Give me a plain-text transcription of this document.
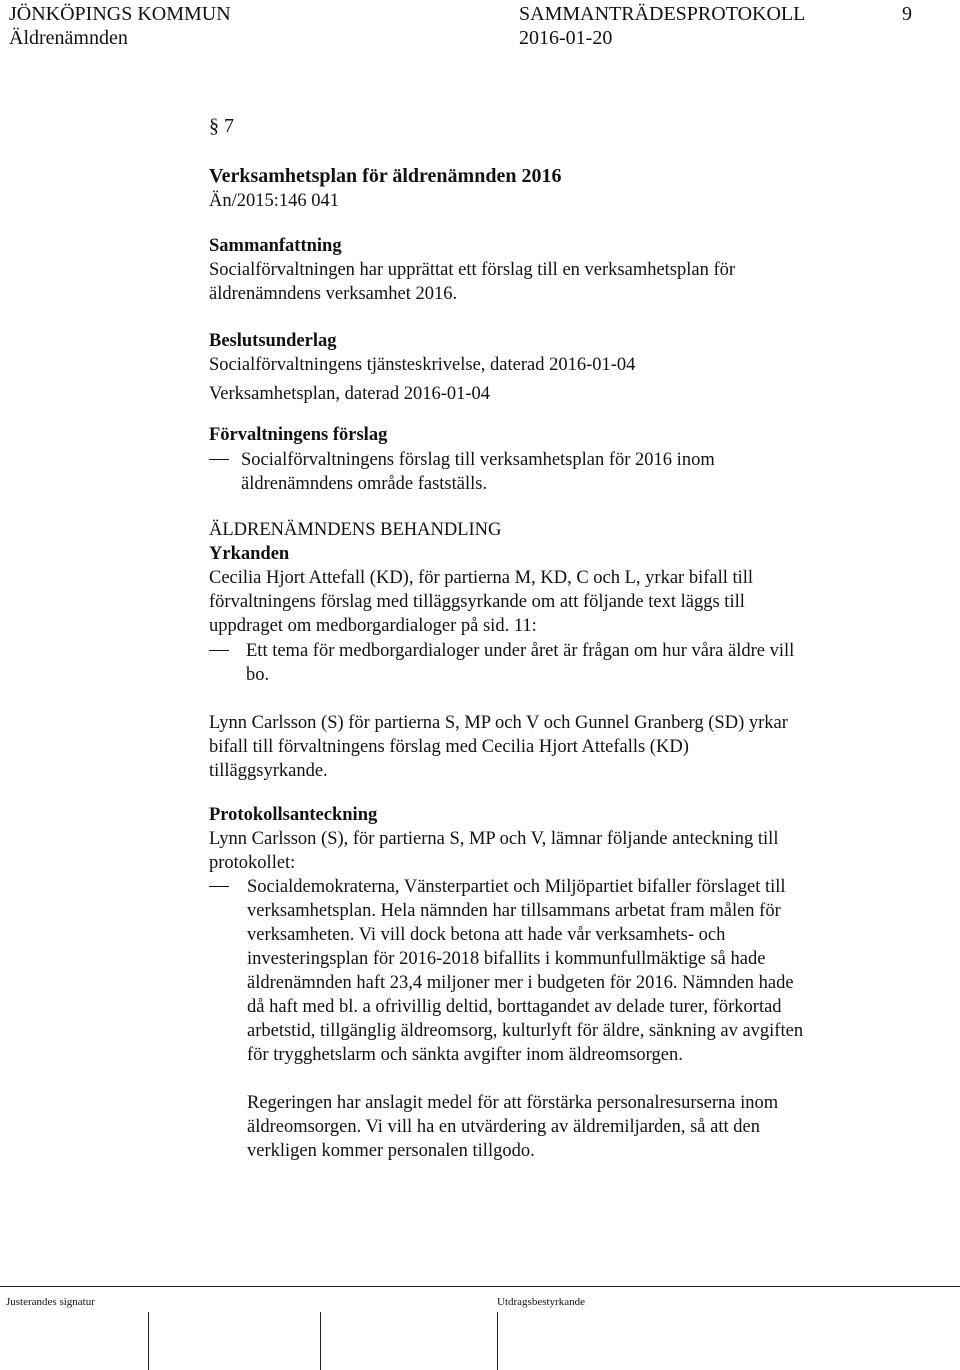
JÖNKÖPINGS KOMMUN	SAMMANTRÄDESPROTOKOLL	9
Äldrenämnden	2016-01-20
§ 7
Verksamhetsplan för äldrenämnden 2016
Än/2015:146 041
Sammanfattning
Socialförvaltningen har upprättat ett förslag till en verksamhetsplan för
äldrenämndens verksamhet 2016.
Beslutsunderlag
Socialförvaltningens tjänsteskrivelse, daterad 2016-01-04
Verksamhetsplan, daterad 2016-01-04
Förvaltningens förslag
Socialförvaltningens förslag till verksamhetsplan för 2016 inom
äldrenämndens område fastställs.
ÄLDRENÄMNDENS BEHANDLING
Yrkanden
Cecilia Hjort Attefall (KD), för partierna M, KD, C och L, yrkar bifall till
förvaltningens förslag med tilläggsyrkande om att följande text läggs till
uppdraget om medborgardialoger på sid. 11:
Ett tema för medborgardialoger under året är frågan om hur våra äldre vill
bo.
Lynn Carlsson (S) för partierna S, MP och V och Gunnel Granberg (SD) yrkar
bifall till förvaltningens förslag med Cecilia Hjort Attefalls (KD)
tilläggsyrkande.
Protokollsanteckning
Lynn Carlsson (S), för partierna S, MP och V, lämnar följande anteckning till
protokollet:
Socialdemokraterna, Vänsterpartiet och Miljöpartiet bifaller förslaget till
verksamhetsplan. Hela nämnden har tillsammans arbetat fram målen för
verksamheten. Vi vill dock betona att hade vår verksamhets- och
investeringsplan för 2016-2018 bifallits i kommunfullmäktige så hade
äldrenämnden haft 23,4 miljoner mer i budgeten för 2016. Nämnden hade
då haft med bl. a ofrivillig deltid, borttagandet av delade turer, förkortad
arbetstid, tillgänglig äldreomsorg, kulturlyft för äldre, sänkning av avgiften
för trygghetslarm och sänkta avgifter inom äldreomsorgen.
Regeringen har anslagit medel för att förstärka personalresurserna inom
äldreomsorgen. Vi vill ha en utvärdering av äldremiljarden, så att den
verkligen kommer personalen tillgodo.
Justerandes signatur	Utdragsbestyrkande
